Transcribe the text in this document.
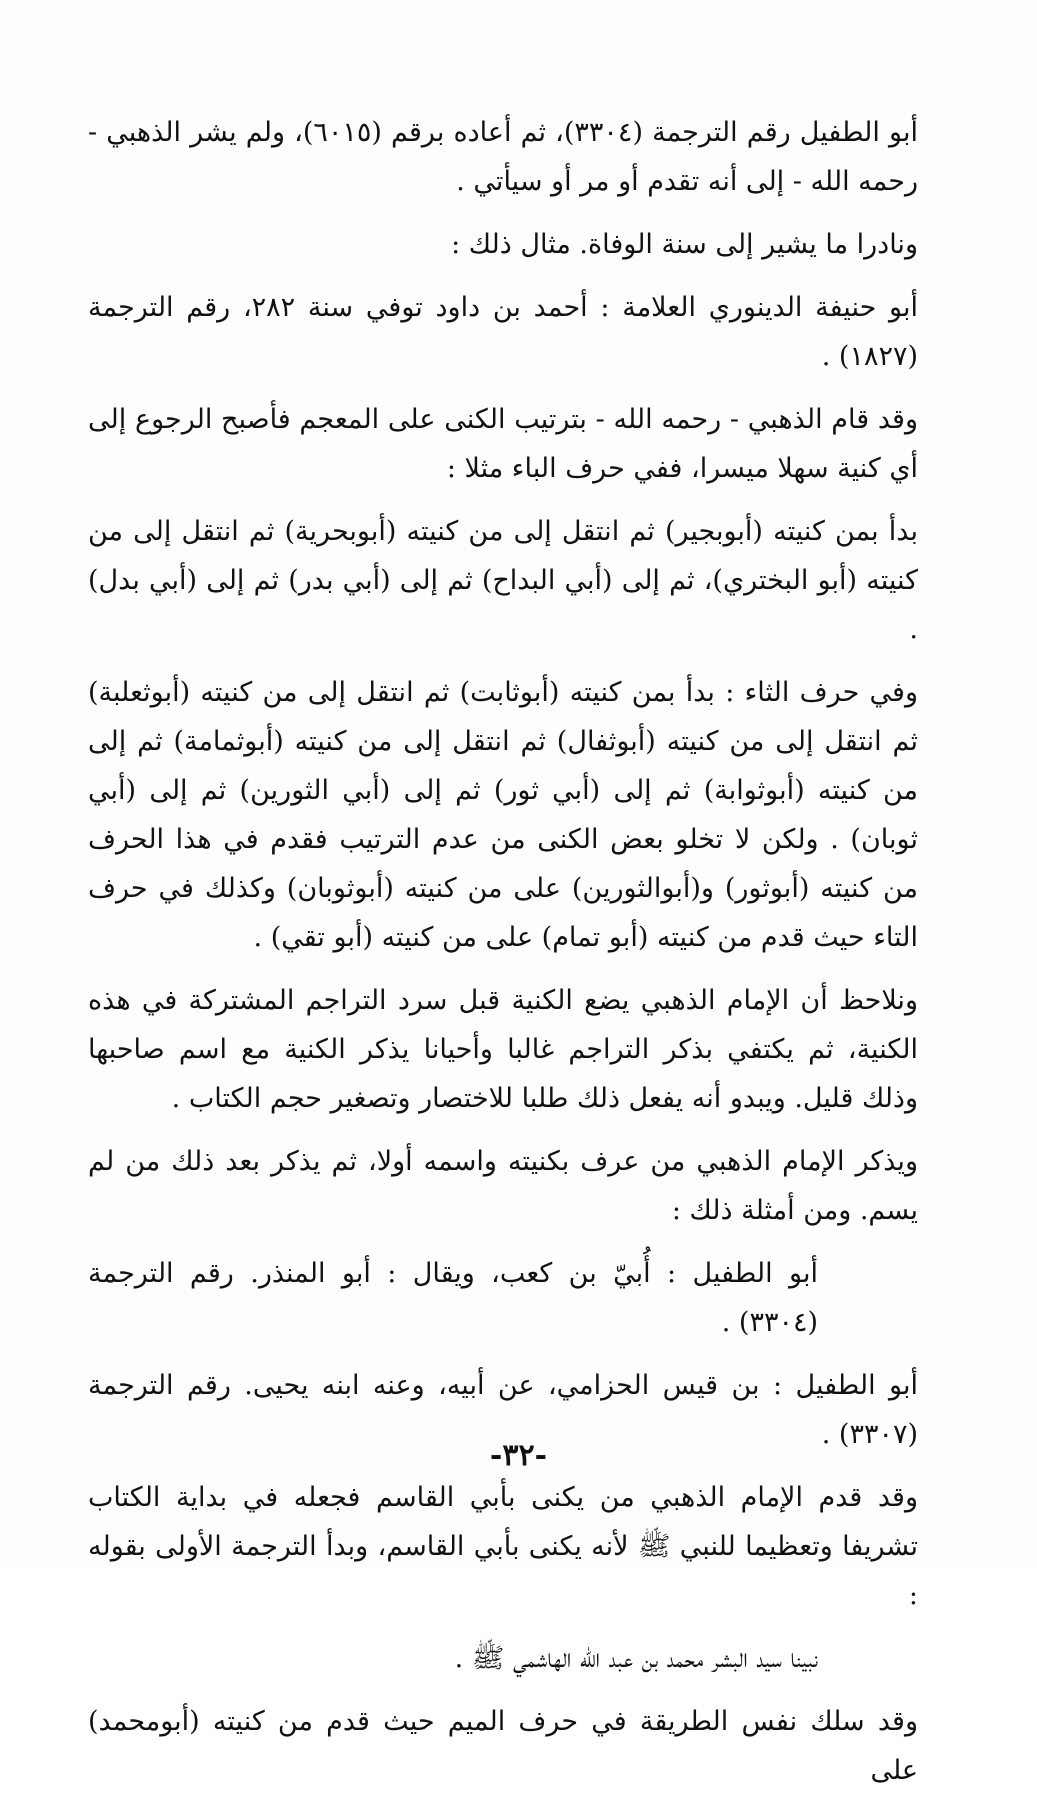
أبو الطفيل رقم الترجمة (٣٣٠٤)، ثم أعاده برقم (٦٠١٥)، ولم يشر الذهبي - رحمه الله - إلى أنه تقدم أو مر أو سيأتي .

ونادرا ما يشير إلى سنة الوفاة. مثال ذلك :

أبو حنيفة الدينوري العلامة : أحمد بن داود توفي سنة ٢٨٢، رقم الترجمة (١٨٢٧) .

وقد قام الذهبي - رحمه الله - بترتيب الكنى على المعجم فأصبح الرجوع إلى أي كنية سهلا ميسرا، ففي حرف الباء مثلا :

بدأ بمن كنيته (أبوبجير) ثم انتقل إلى من كنيته (أبوبحرية) ثم انتقل إلى من كنيته (أبو البختري)، ثم إلى (أبي البداح) ثم إلى (أبي بدر) ثم إلى (أبي بدل) .

وفي حرف الثاء : بدأ بمن كنيته (أبوثابت) ثم انتقل إلى من كنيته (أبوثعلبة) ثم انتقل إلى من كنيته (أبوثفال) ثم انتقل إلى من كنيته (أبوثمامة) ثم إلى من كنيته (أبوثوابة) ثم إلى (أبي ثور) ثم إلى (أبي الثورين) ثم إلى (أبي ثوبان) . ولكن لا تخلو بعض الكنى من عدم الترتيب فقدم في هذا الحرف من كنيته (أبوثور) و(أبوالثورين) على من كنيته (أبوثوبان) وكذلك في حرف التاء حيث قدم من كنيته (أبو تمام) على من كنيته (أبو تقي) .

ونلاحظ أن الإمام الذهبي يضع الكنية قبل سرد التراجم المشتركة في هذه الكنية، ثم يكتفي بذكر التراجم غالبا وأحيانا يذكر الكنية مع اسم صاحبها وذلك قليل. ويبدو أنه يفعل ذلك طلبا للاختصار وتصغير حجم الكتاب .

ويذكر الإمام الذهبي من عرف بكنيته واسمه أولا، ثم يذكر بعد ذلك من لم يسم. ومن أمثلة ذلك :

أبو الطفيل : أُبيّ بن كعب، ويقال : أبو المنذر. رقم الترجمة (٣٣٠٤) .

أبو الطفيل : بن قيس الحزامي، عن أبيه، وعنه ابنه يحيى. رقم الترجمة (٣٣٠٧) .

وقد قدم الإمام الذهبي من يكنى بأبي القاسم فجعله في بداية الكتاب تشريفا وتعظيما للنبي ﷺ لأنه يكنى بأبي القاسم، وبدأ الترجمة الأولى بقوله :

نبينا سيد البشر محمد بن عبد الله الهاشمي ﷺ .

وقد سلك نفس الطريقة في حرف الميم حيث قدم من كنيته (أبومحمد) على

-٣٢-
